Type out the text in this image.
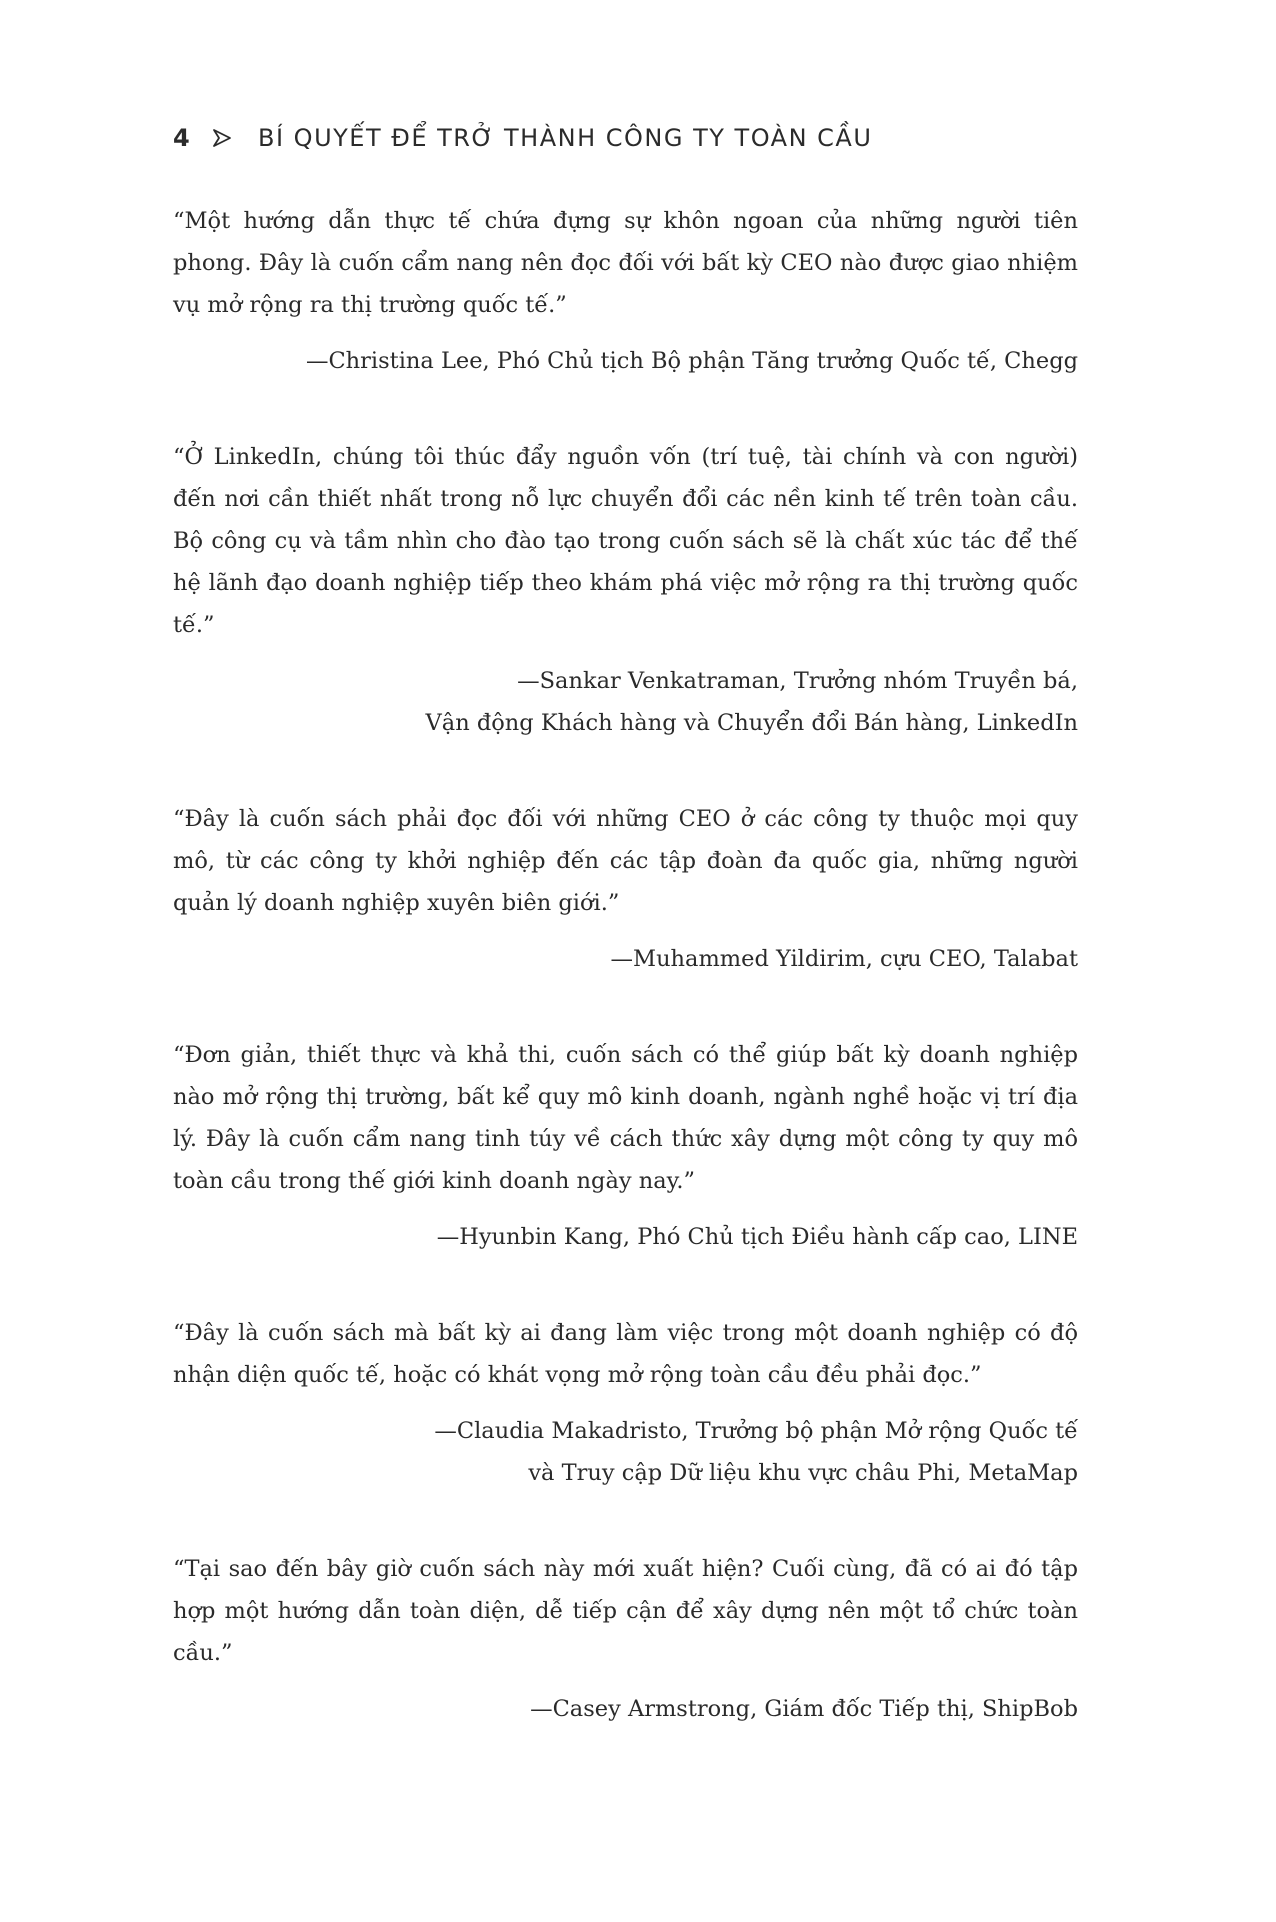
4	BÍ QUYẾT ĐỂ TRỞ THÀNH CÔNG TY TOÀN CẦU

“Một hướng dẫn thực tế chứa đựng sự khôn ngoan của những người tiên phong. Đây là cuốn cẩm nang nên đọc đối với bất kỳ CEO nào được giao nhiệm vụ mở rộng ra thị trường quốc tế.”

—Christina Lee, Phó Chủ tịch Bộ phận Tăng trưởng Quốc tế, Chegg

“Ở LinkedIn, chúng tôi thúc đẩy nguồn vốn (trí tuệ, tài chính và con người) đến nơi cần thiết nhất trong nỗ lực chuyển đổi các nền kinh tế trên toàn cầu. Bộ công cụ và tầm nhìn cho đào tạo trong cuốn sách sẽ là chất xúc tác để thế hệ lãnh đạo doanh nghiệp tiếp theo khám phá việc mở rộng ra thị trường quốc tế.”

—Sankar Venkatraman, Trưởng nhóm Truyền bá,
Vận động Khách hàng và Chuyển đổi Bán hàng, LinkedIn

“Đây là cuốn sách phải đọc đối với những CEO ở các công ty thuộc mọi quy mô, từ các công ty khởi nghiệp đến các tập đoàn đa quốc gia, những người quản lý doanh nghiệp xuyên biên giới.”

—Muhammed Yildirim, cựu CEO, Talabat

“Đơn giản, thiết thực và khả thi, cuốn sách có thể giúp bất kỳ doanh nghiệp nào mở rộng thị trường, bất kể quy mô kinh doanh, ngành nghề hoặc vị trí địa lý. Đây là cuốn cẩm nang tinh túy về cách thức xây dựng một công ty quy mô toàn cầu trong thế giới kinh doanh ngày nay.”

—Hyunbin Kang, Phó Chủ tịch Điều hành cấp cao, LINE

“Đây là cuốn sách mà bất kỳ ai đang làm việc trong một doanh nghiệp có độ nhận diện quốc tế, hoặc có khát vọng mở rộng toàn cầu đều phải đọc.”

—Claudia Makadristo, Trưởng bộ phận Mở rộng Quốc tế
và Truy cập Dữ liệu khu vực châu Phi, MetaMap

“Tại sao đến bây giờ cuốn sách này mới xuất hiện? Cuối cùng, đã có ai đó tập hợp một hướng dẫn toàn diện, dễ tiếp cận để xây dựng nên một tổ chức toàn cầu.”

—Casey Armstrong, Giám đốc Tiếp thị, ShipBob
